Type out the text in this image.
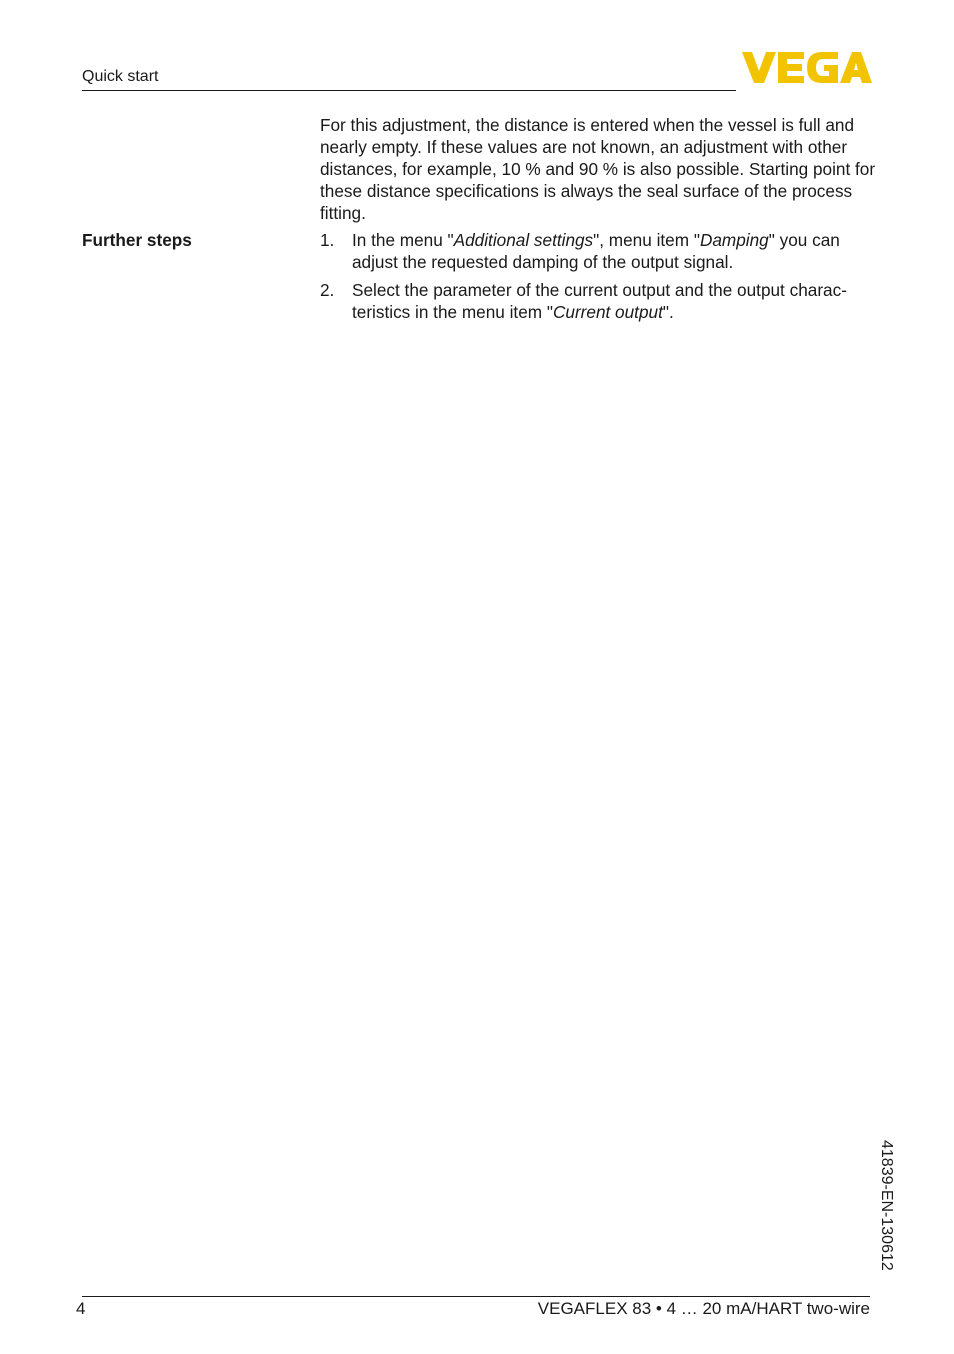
Quick start

For this adjustment, the distance is entered when the vessel is full and nearly empty. If these values are not known, an adjustment with other distances, for example, 10 % and 90 % is also possible. Starting point for these distance specifications is always the seal surface of the process fitting.

Further steps	1. In the menu "Additional settings", menu item "Damping" you can adjust the requested damping of the output signal.
2. Select the parameter of the current output and the output characteristics in the menu item "Current output".
41839-EN-130612
4	VEGAFLEX 83 • 4 … 20 mA/HART two-wire
